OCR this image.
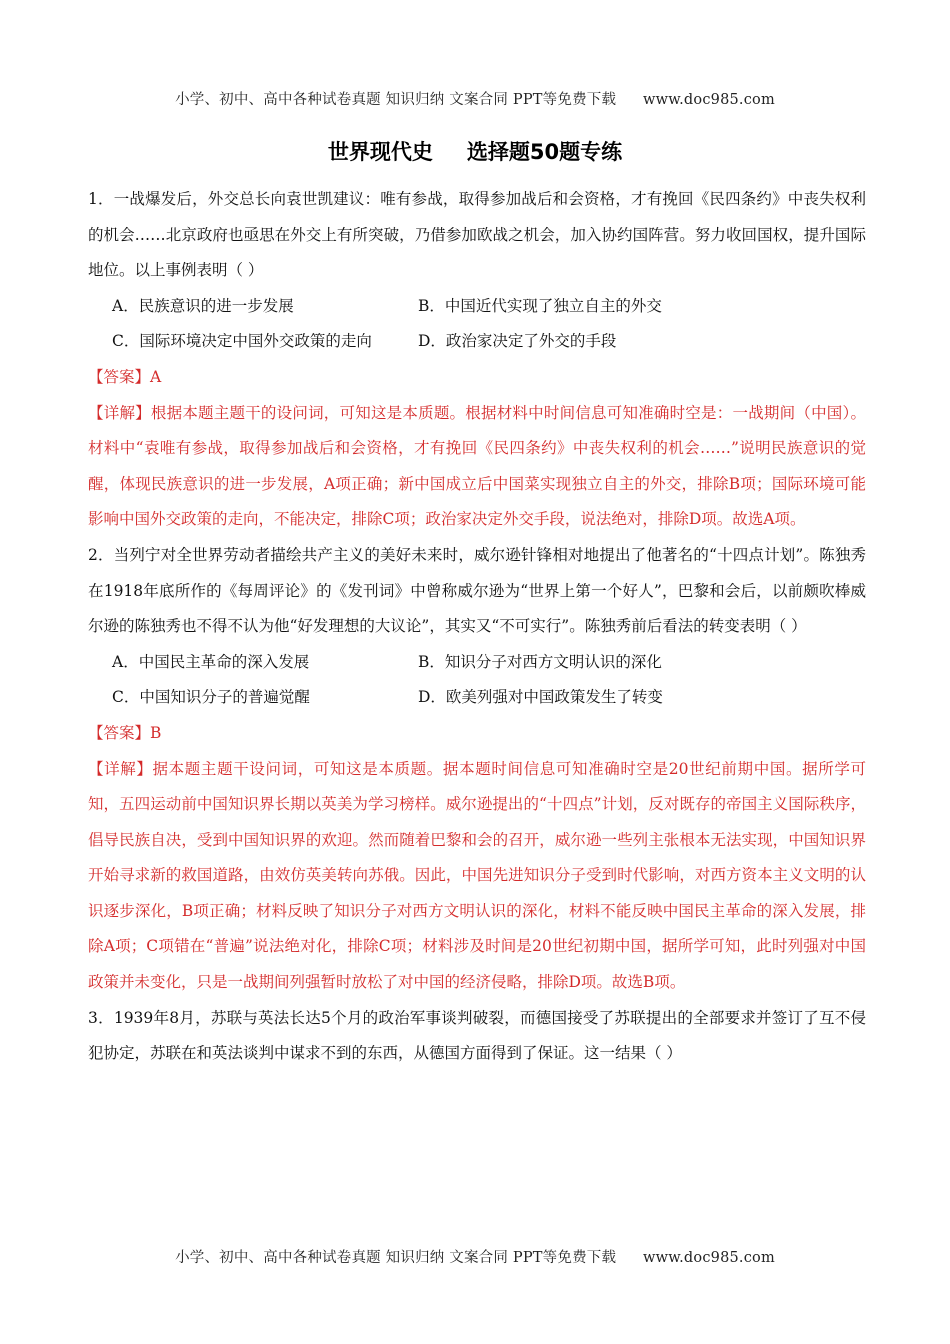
小学、初中、高中各种试卷真题 知识归纳 文案合同 PPT等免费下载 www.doc985.com
世界现代史 选择题50题专练

1．一战爆发后，外交总长向袁世凯建议：唯有参战，取得参加战后和会资格，才有挽回《民四条约》中丧失权利的机会……北京政府也亟思在外交上有所突破，乃借参加欧战之机会，加入协约国阵营。努力收回国权，提升国际地位。以上事例表明（ ）

A．民族意识的进一步发展	B．中国近代实现了独立自主的外交
C．国际环境决定中国外交政策的走向	D．政治家决定了外交的手段

【答案】A

【详解】根据本题主题干的设问词，可知这是本质题。根据材料中时间信息可知准确时空是：一战期间（中国）。材料中“袁唯有参战，取得参加战后和会资格，才有挽回《民四条约》中丧失权利的机会……”说明民族意识的觉醒，体现民族意识的进一步发展，A项正确；新中国成立后中国菜实现独立自主的外交，排除B项；国际环境可能影响中国外交政策的走向，不能决定，排除C项；政治家决定外交手段，说法绝对，排除D项。故选A项。

2．当列宁对全世界劳动者描绘共产主义的美好未来时，威尔逊针锋相对地提出了他著名的“十四点计划”。陈独秀在1918年底所作的《每周评论》的《发刊词》中曾称威尔逊为“世界上第一个好人”，巴黎和会后，以前颇吹棒威尔逊的陈独秀也不得不认为他“好发理想的大议论”，其实又“不可实行”。陈独秀前后看法的转变表明（ ）

A．中国民主革命的深入发展	B．知识分子对西方文明认识的深化
C．中国知识分子的普遍觉醒	D．欧美列强对中国政策发生了转变

【答案】B

【详解】据本题主题干设问词，可知这是本质题。据本题时间信息可知准确时空是20世纪前期中国。据所学可知，五四运动前中国知识界长期以英美为学习榜样。威尔逊提出的“十四点”计划，反对既存的帝国主义国际秩序，倡导民族自决，受到中国知识界的欢迎。然而随着巴黎和会的召开，威尔逊一些列主张根本无法实现，中国知识界开始寻求新的救国道路，由效仿英美转向苏俄。因此，中国先进知识分子受到时代影响，对西方资本主义文明的认识逐步深化，B项正确；材料反映了知识分子对西方文明认识的深化，材料不能反映中国民主革命的深入发展，排除A项；C项错在“普遍”说法绝对化，排除C项；材料涉及时间是20世纪初期中国，据所学可知，此时列强对中国政策并未变化，只是一战期间列强暂时放松了对中国的经济侵略，排除D项。故选B项。

3．1939年8月，苏联与英法长达5个月的政治军事谈判破裂，而德国接受了苏联提出的全部要求并签订了互不侵犯协定，苏联在和英法谈判中谋求不到的东西，从德国方面得到了保证。这一结果（ ）

小学、初中、高中各种试卷真题 知识归纳 文案合同 PPT等免费下载 www.doc985.com
